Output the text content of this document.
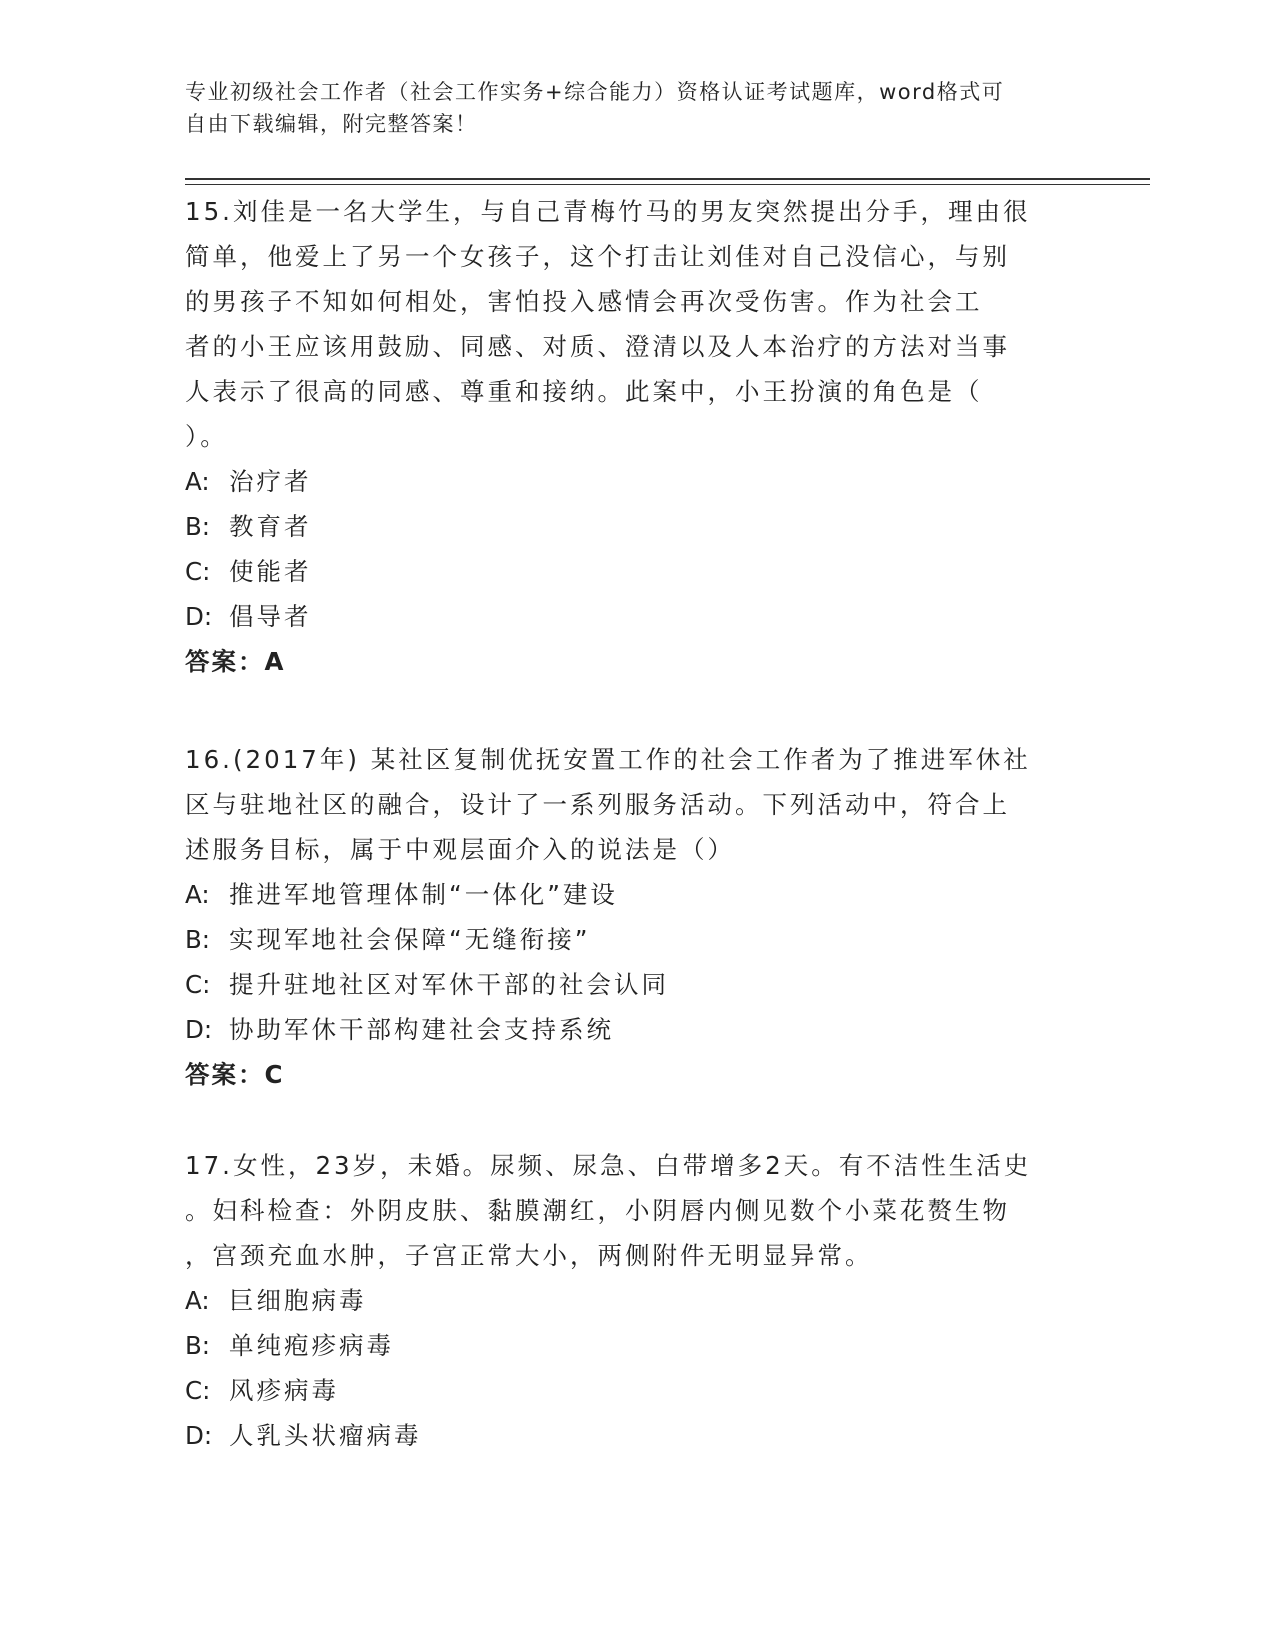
专业初级社会工作者（社会工作实务+综合能力）资格认证考试题库，word格式可
自由下载编辑，附完整答案！
15.刘佳是一名大学生，与自己青梅竹马的男友突然提出分手，理由很
简单，他爱上了另一个女孩子，这个打击让刘佳对自己没信心，与别
的男孩子不知如何相处，害怕投入感情会再次受伤害。作为社会工
者的小王应该用鼓励、同感、对质、澄清以及人本治疗的方法对当事
人表示了很高的同感、尊重和接纳。此案中，小王扮演的角色是（
）。
A: 治疗者
B: 教育者
C: 使能者
D: 倡导者
答案：A
16.(2017年) 某社区复制优抚安置工作的社会工作者为了推进军休社
区与驻地社区的融合，设计了一系列服务活动。下列活动中，符合上
述服务目标，属于中观层面介入的说法是（）
A: 推进军地管理体制“一体化”建设
B: 实现军地社会保障“无缝衔接”
C: 提升驻地社区对军休干部的社会认同
D: 协助军休干部构建社会支持系统
答案：C
17.女性，23岁，未婚。尿频、尿急、白带增多2天。有不洁性生活史
。妇科检查：外阴皮肤、黏膜潮红，小阴唇内侧见数个小菜花赘生物
，宫颈充血水肿，子宫正常大小，两侧附件无明显异常。
A: 巨细胞病毒
B: 单纯疱疹病毒
C: 风疹病毒
D: 人乳头状瘤病毒
